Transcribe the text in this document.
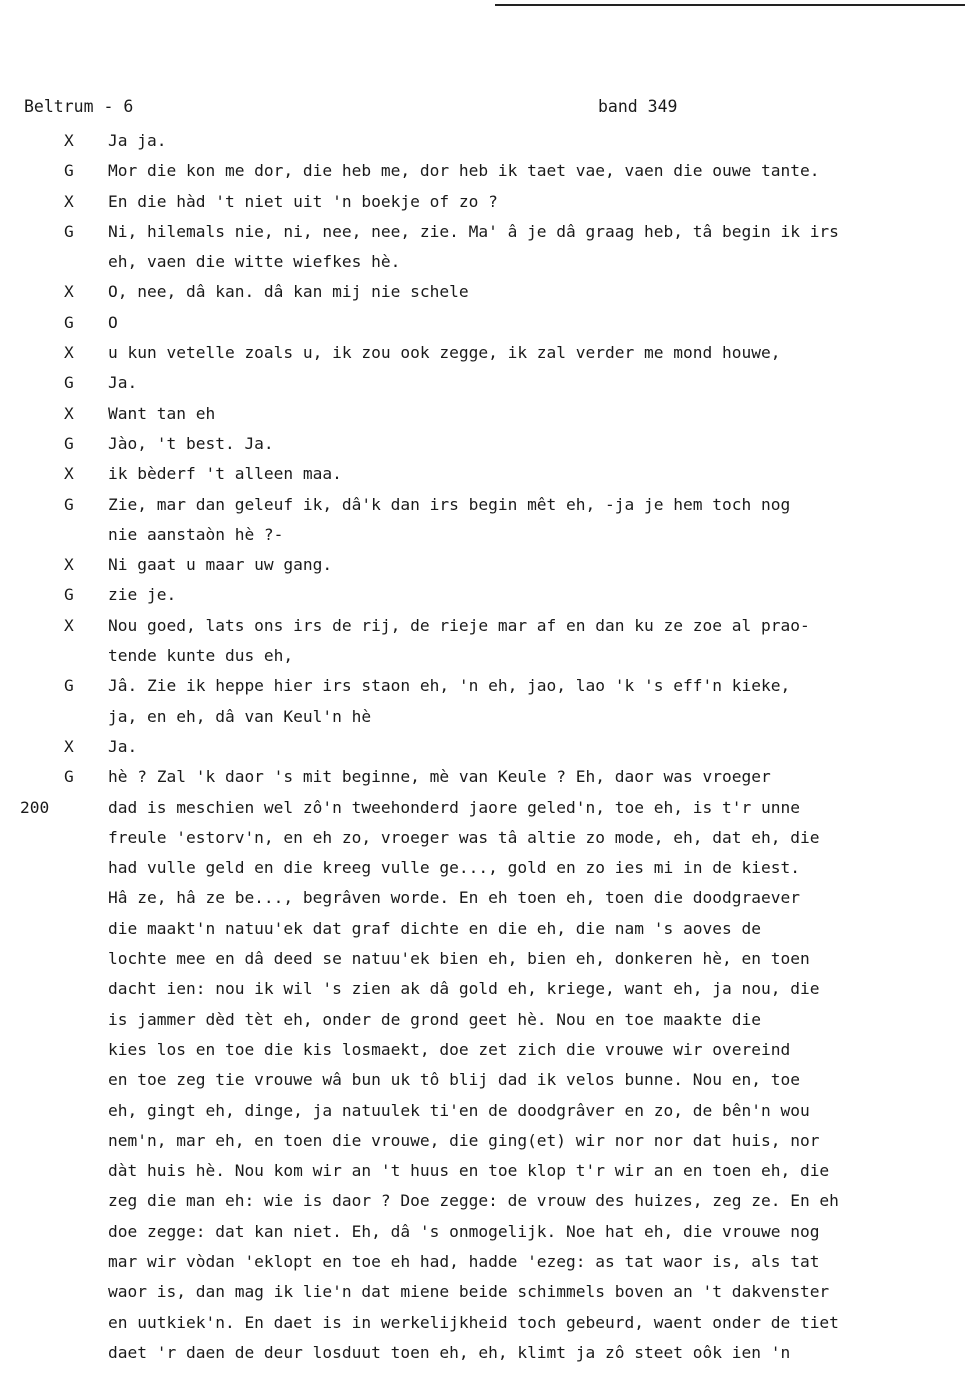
Beltrum - 6	band 349
X	Ja ja.
G	Mor die kon me dor, die heb me, dor heb ik taet vae, vaen die ouwe tante.
X	En die hàd 't niet uit 'n boekje of zo ?
G	Ni, hilemals nie, ni, nee, nee, zie. Ma' â je dâ graag heb, tâ begin ik irs
eh, vaen die witte wiefkes hè.
X	O, nee, dâ kan. dâ kan mij nie schele
G	O
X	u kun vetelle zoals u, ik zou ook zegge, ik zal verder me mond houwe,
G	Ja.
X	Want tan eh
G	Jào, 't best. Ja.
X	ik bèderf 't alleen maa.
G	Zie, mar dan geleuf ik, dâ'k dan irs begin mêt eh, -ja je hem toch nog
nie aanstaòn hè ?-
X	Ni gaat u maar uw gang.
G	zie je.
X	Nou goed, lats ons irs de rij, de rieje mar af en dan ku ze zoe al prao-
tende kunte dus eh,
G	Jâ. Zie ik heppe hier irs staon eh, 'n eh, jao, lao 'k 's eff'n kieke,
ja, en eh, dâ van Keul'n hè
X	Ja.
G	hè ? Zal 'k daor 's mit beginne, mè van Keule ? Eh, daor was vroeger
200	dad is meschien wel zô'n tweehonderd jaore geled'n, toe eh, is t'r unne
freule 'estorv'n, en eh zo, vroeger was tâ altie zo mode, eh, dat eh, die
had vulle geld en die kreeg vulle ge..., gold en zo ies mi in de kiest.
Hâ ze, hâ ze be..., begrâven worde. En eh toen eh, toen die doodgraever
die maakt'n natuu'ek dat graf dichte en die eh, die nam 's aoves de
lochte mee en dâ deed se natuu'ek bien eh, bien eh, donkeren hè, en toen
dacht ien: nou ik wil 's zien ak dâ gold eh, kriege, want eh, ja nou, die
is jammer dèd tèt eh, onder de grond geet hè. Nou en toe maakte die
kies los en toe die kis losmaekt, doe zet zich die vrouwe wir overeind
en toe zeg tie vrouwe wâ bun uk tô blij dad ik velos bunne. Nou en, toe
eh, gingt eh, dinge, ja natuulek ti'en de doodgrâver en zo, de bên'n wou
nem'n, mar eh, en toen die vrouwe, die ging(et) wir nor nor dat huis, nor
dàt huis hè. Nou kom wir an 't huus en toe klop t'r wir an en toen eh, die
zeg die man eh: wie is daor ? Doe zegge: de vrouw des huizes, zeg ze. En eh
doe zegge: dat kan niet. Eh, dâ 's onmogelijk. Noe hat eh, die vrouwe nog
mar wir vòdan 'eklopt en toe eh had, hadde 'ezeg: as tat waor is, als tat
waor is, dan mag ik lie'n dat miene beide schimmels boven an 't dakvenster
en uutkiek'n. En daet is in werkelijkheid toch gebeurd, waent onder de tiet
daet 'r daen de deur losduut toen eh, eh, klimt ja zô steet oôk ien 'n
